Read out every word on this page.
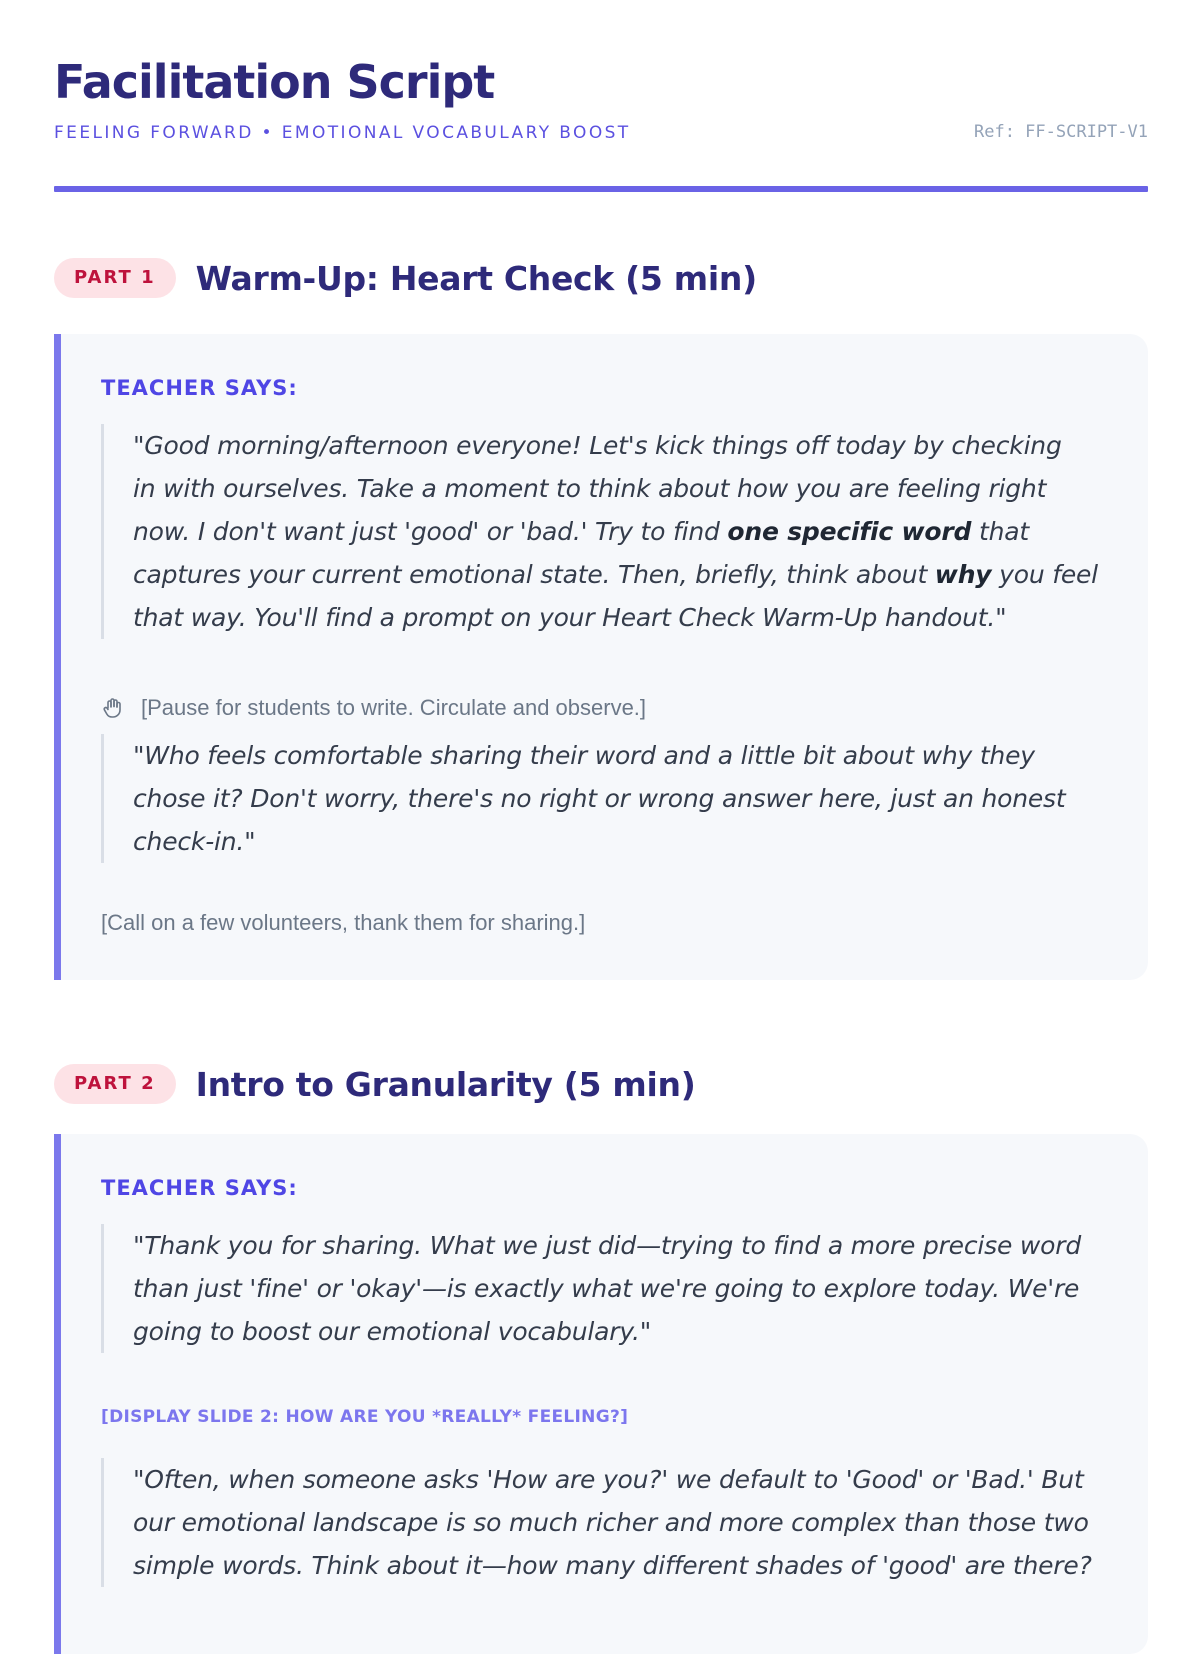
Facilitation Script
FEELING FORWARD • EMOTIONAL VOCABULARY BOOST	Ref: FF-SCRIPT-V1
PART 1	Warm-Up: Heart Check (5 min)
TEACHER SAYS:
"Good morning/afternoon everyone! Let's kick things off today by checking
in with ourselves. Take a moment to think about how you are feeling right
now. I don't want just 'good' or 'bad.' Try to find one specific word that
captures your current emotional state. Then, briefly, think about why you feel
that way. You'll find a prompt on your Heart Check Warm-Up handout."
[Pause for students to write. Circulate and observe.]
"Who feels comfortable sharing their word and a little bit about why they
chose it? Don't worry, there's no right or wrong answer here, just an honest
check-in."
[Call on a few volunteers, thank them for sharing.]
PART 2	Intro to Granularity (5 min)
TEACHER SAYS:
"Thank you for sharing. What we just did—trying to find a more precise word
than just 'fine' or 'okay'—is exactly what we're going to explore today. We're
going to boost our emotional vocabulary."
[DISPLAY SLIDE 2: HOW ARE YOU *REALLY* FEELING?]
"Often, when someone asks 'How are you?' we default to 'Good' or 'Bad.' But
our emotional landscape is so much richer and more complex than those two
simple words. Think about it—how many different shades of 'good' are there?
